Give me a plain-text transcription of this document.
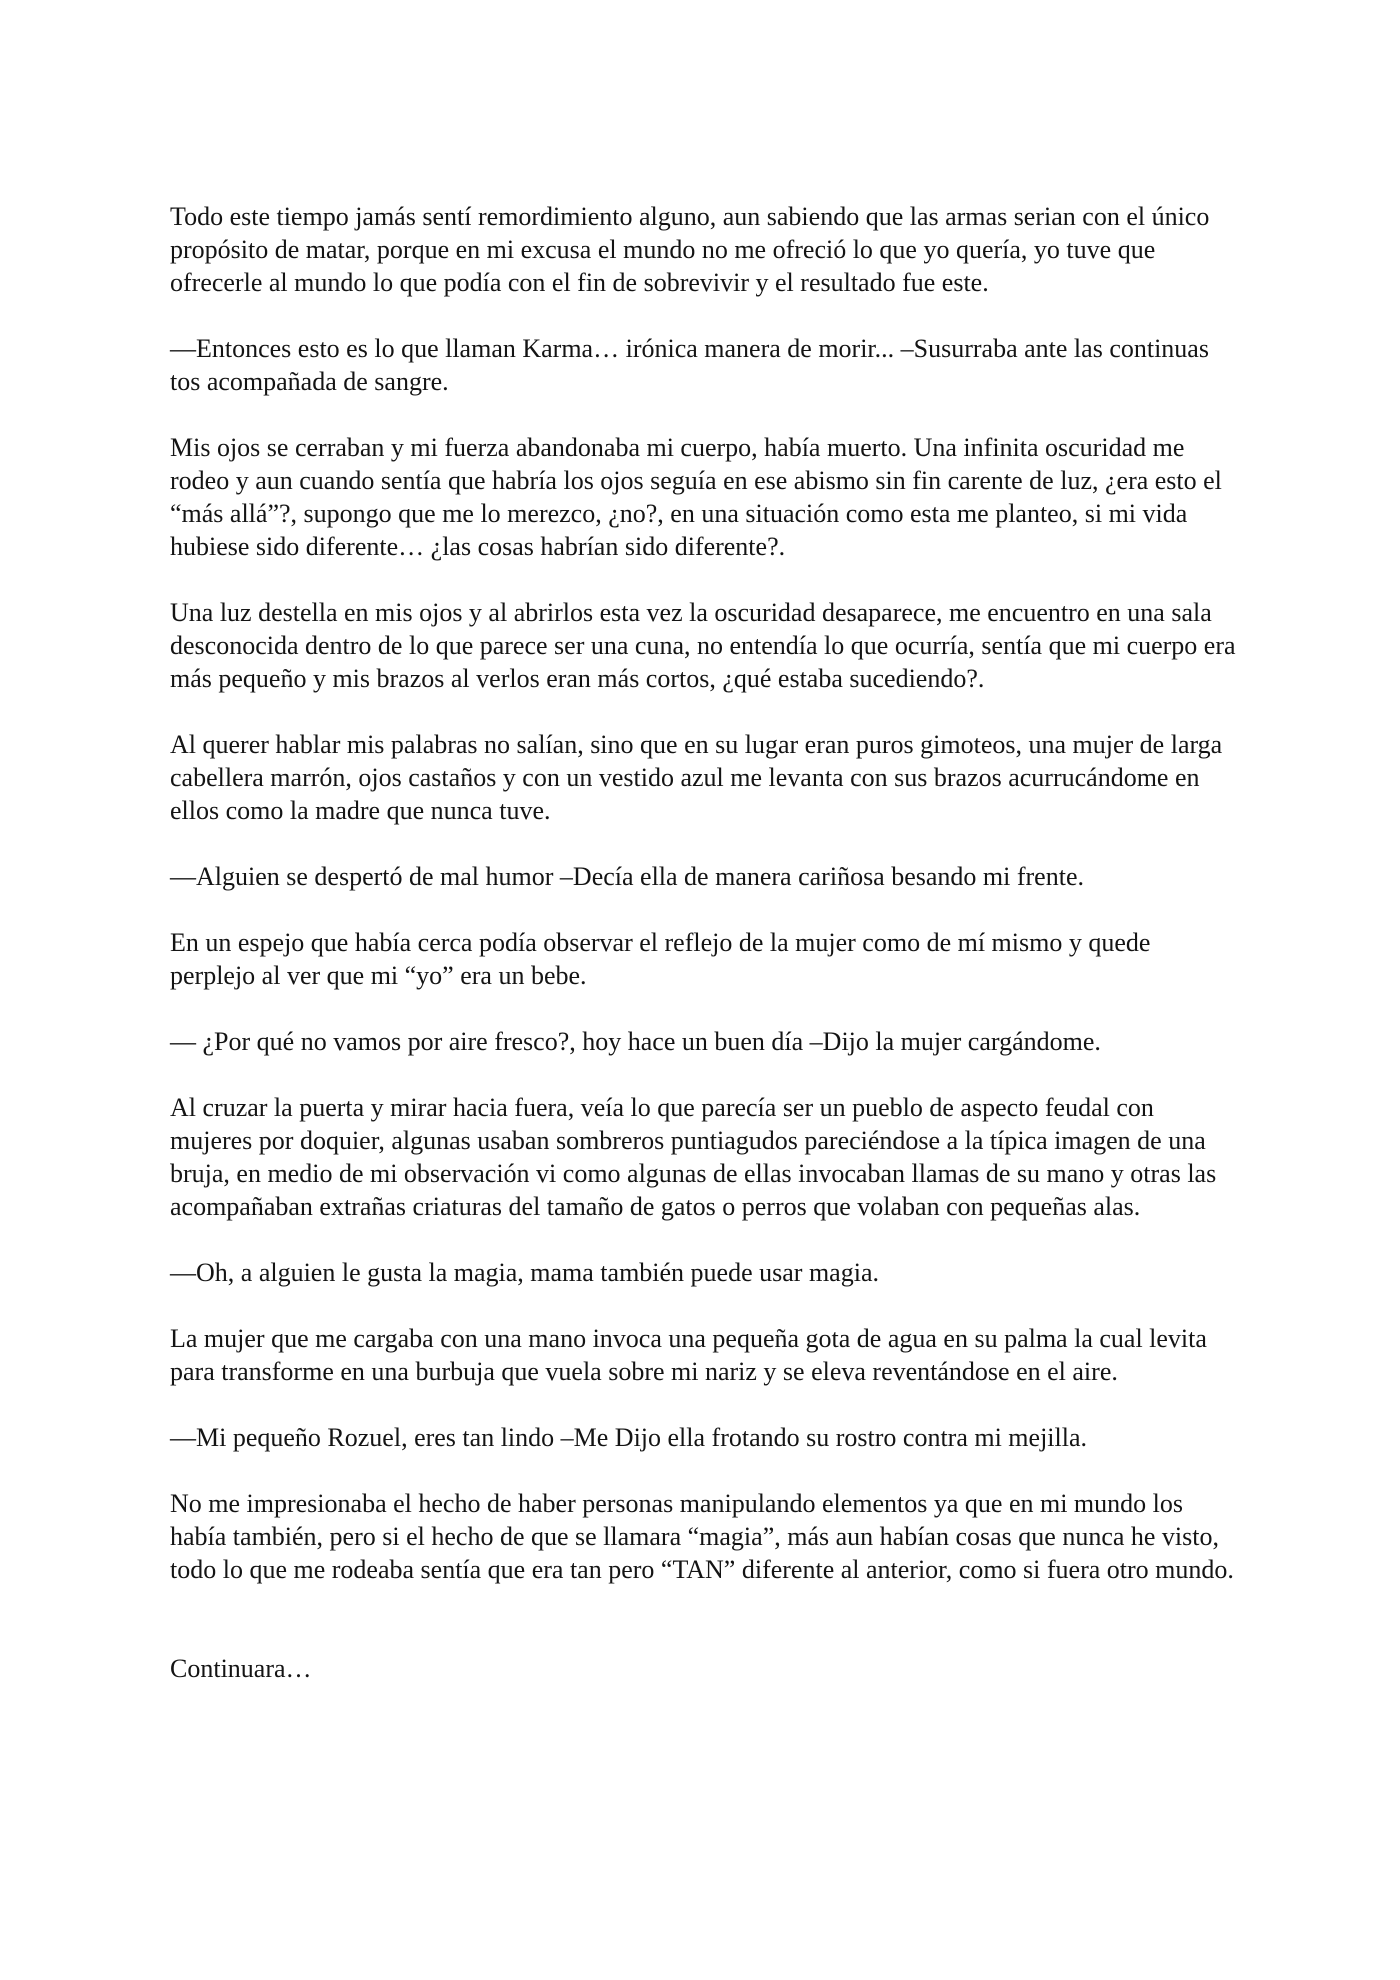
Todo este tiempo jamás sentí remordimiento alguno, aun sabiendo que las armas serian con el único propósito de matar, porque en mi excusa el mundo no me ofreció lo que yo quería, yo tuve que ofrecerle al mundo lo que podía con el fin de sobrevivir y el resultado fue este.

—Entonces esto es lo que llaman Karma… irónica manera de morir... –Susurraba ante las continuas tos acompañada de sangre.

Mis ojos se cerraban y mi fuerza abandonaba mi cuerpo, había muerto. Una infinita oscuridad me rodeo y aun cuando sentía que habría los ojos seguía en ese abismo sin fin carente de luz, ¿era esto el “más allá”?, supongo que me lo merezco, ¿no?, en una situación como esta me planteo, si mi vida hubiese sido diferente… ¿las cosas habrían sido diferente?.

Una luz destella en mis ojos y al abrirlos esta vez la oscuridad desaparece, me encuentro en una sala desconocida dentro de lo que parece ser una cuna, no entendía lo que ocurría, sentía que mi cuerpo era más pequeño y mis brazos al verlos eran más cortos, ¿qué estaba sucediendo?.

Al querer hablar mis palabras no salían, sino que en su lugar eran puros gimoteos, una mujer de larga cabellera marrón, ojos castaños y con un vestido azul me levanta con sus brazos acurrucándome en ellos como la madre que nunca tuve.

—Alguien se despertó de mal humor –Decía ella de manera cariñosa besando mi frente.

En un espejo que había cerca podía observar el reflejo de la mujer como de mí mismo y quede perplejo al ver que mi “yo” era un bebe.

— ¿Por qué no vamos por aire fresco?, hoy hace un buen día –Dijo la mujer cargándome.

Al cruzar la puerta y mirar hacia fuera, veía lo que parecía ser un pueblo de aspecto feudal con mujeres por doquier, algunas usaban sombreros puntiagudos pareciéndose a la típica imagen de una bruja, en medio de mi observación vi como algunas de ellas invocaban llamas de su mano y otras las acompañaban extrañas criaturas del tamaño de gatos o perros que volaban con pequeñas alas.

—Oh, a alguien le gusta la magia, mama también puede usar magia.

La mujer que me cargaba con una mano invoca una pequeña gota de agua en su palma la cual levita para transforme en una burbuja que vuela sobre mi nariz y se eleva reventándose en el aire.

—Mi pequeño Rozuel, eres tan lindo –Me Dijo ella frotando su rostro contra mi mejilla.

No me impresionaba el hecho de haber personas manipulando elementos ya que en mi mundo los había también, pero si el hecho de que se llamara “magia”, más aun habían cosas que nunca he visto, todo lo que me rodeaba sentía que era tan pero “TAN” diferente al anterior, como si fuera otro mundo.

Continuara…
